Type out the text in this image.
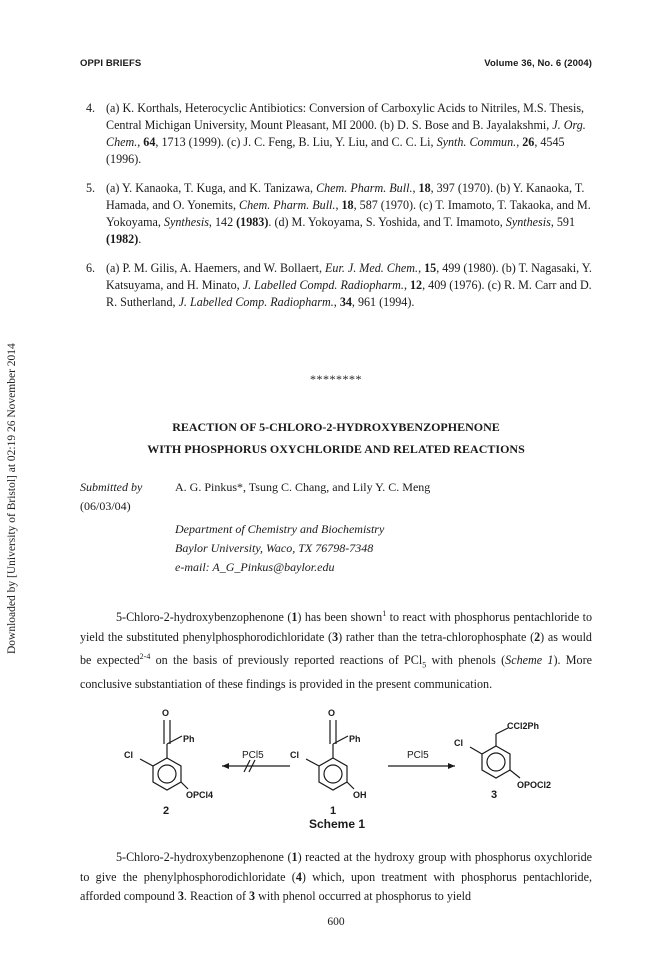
OPPI BRIEFS	Volume 36, No. 6 (2004)
Downloaded by [University of Bristol] at 02:19 26 November 2014
4. (a) K. Korthals, Heterocyclic Antibiotics: Conversion of Carboxylic Acids to Nitriles, M.S. Thesis, Central Michigan University, Mount Pleasant, MI 2000. (b) D. S. Bose and B. Jayalakshmi, J. Org. Chem., 64, 1713 (1999). (c) J. C. Feng, B. Liu, Y. Liu, and C. C. Li, Synth. Commun., 26, 4545 (1996).
5. (a) Y. Kanaoka, T. Kuga, and K. Tanizawa, Chem. Pharm. Bull., 18, 397 (1970). (b) Y. Kanaoka, T. Hamada, and O. Yonemits, Chem. Pharm. Bull., 18, 587 (1970). (c) T. Imamoto, T. Takaoka, and M. Yokoyama, Synthesis, 142 (1983). (d) M. Yokoyama, S. Yoshida, and T. Imamoto, Synthesis, 591 (1982).
6. (a) P. M. Gilis, A. Haemers, and W. Bollaert, Eur. J. Med. Chem., 15, 499 (1980). (b) T. Nagasaki, Y. Katsuyama, and H. Minato, J. Labelled Compd. Radiopharm., 12, 409 (1976). (c) R. M. Carr and D. R. Sutherland, J. Labelled Comp. Radiopharm., 34, 961 (1994).
********
REACTION OF 5-CHLORO-2-HYDROXYBENZOPHENONE
WITH PHOSPHORUS OXYCHLORIDE AND RELATED REACTIONS
Submitted by
(06/03/04)
A. G. Pinkus*, Tsung C. Chang, and Lily Y. C. Meng
Department of Chemistry and Biochemistry
Baylor University, Waco, TX 76798-7348
e-mail: A_G_Pinkus@baylor.edu
5-Chloro-2-hydroxybenzophenone (1) has been shown$^1$ to react with phosphorus pentachloride to yield the substituted phenylphosphorodichloridate (3) rather than the tetra-chlorophosphate (2) as would be expected$^{2-4}$ on the basis of previously reported reactions of PCl$_5$ with phenols (Scheme 1). More conclusive substantiation of these findings is provided in the present communication.
O
Cl
Ph
OPCl4
2
O
Cl
Ph
OH
1
Cl
CCl2Ph
OPOCl2
3
PCl5	PCl5
Scheme 1
5-Chloro-2-hydroxybenzophenone (1) reacted at the hydroxy group with phosphorus oxychloride to give the phenylphosphorodichloridate (4) which, upon treatment with phosphorus pentachloride, afforded compound 3. Reaction of 3 with phenol occurred at phosphorus to yield
600
